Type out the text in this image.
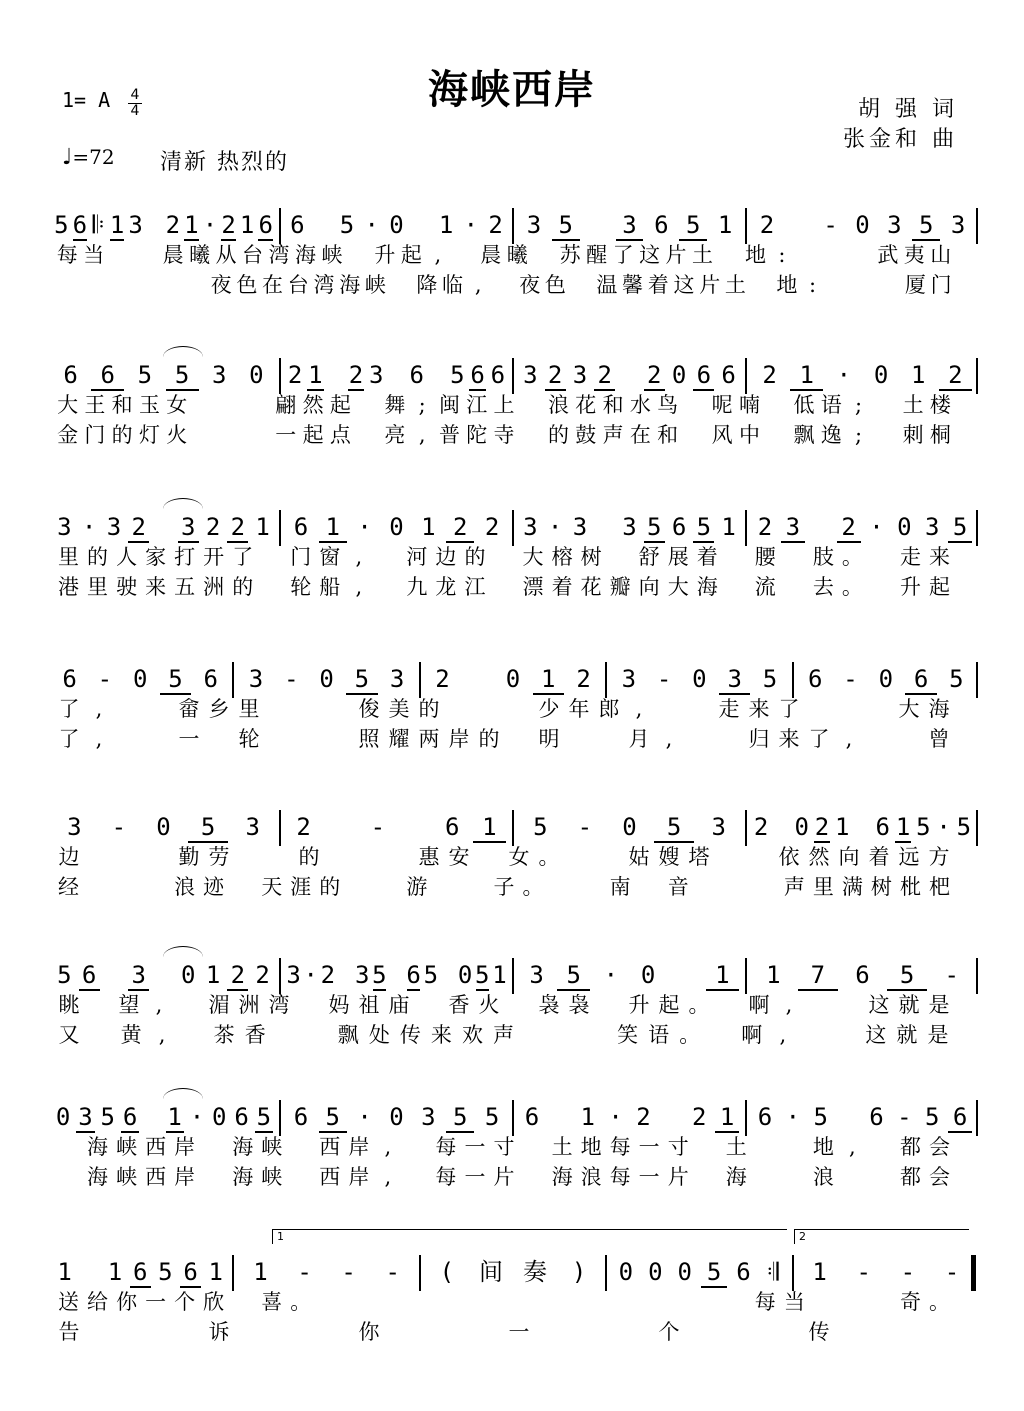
海峡西岸
1= A	4
4
♩=72 清新 热烈的
胡 强 词
张金和 曲
5 6 𝄆 1 3 2 1 · 2 1 6 6 5 · 0 1 · 2 3 5	3 6 5 1	2	- 0 3 5 3
每 当	晨 曦 从 台 湾 海 峡 升 起 ,	晨 曦 苏 醒 了 这 片 土 地 :	武 夷 山
夜 色 在 台 湾 海 峡 降 临 ,	夜 色 温 馨 着 这 片 土 地 :	厦 门
6 6 5 5 3 0	2 1 2 3 6 5 6 6 3 2 3 2 2 0 6 6	2 1 · 0 1 2
大 王 和 玉 女	翩 然 起 舞 ; 闽 江 上 浪 花 和 水 鸟 呢 喃 低 语 ;	土 楼
金 门 的 灯 火	一 起 点 亮 , 普 陀 寺 的 鼓 声 在 和 风 中 飘 逸 ;	刺 桐
3 · 3 2 3 2 2 1 6 1 · 0 1 2 2 3 · 3 3 5 6 5 1 2 3 2 · 0 3 5
里 的 人 家 打 开 了 门 窗 ,	河 边 的 大 榕 树 舒 展 着 腰 肢 。 走 来
港 里 驶 来 五 洲 的 轮 船 ,	九 龙 江 漂 着 花 瓣 向 大 海 流 去 。 升 起
6 - 0 5 6	3 - 0 5 3	2	0 1 2	3 - 0 3 5	6 - 0 6 5
了 ,	畲 乡 里	俊 美 的	少 年 郎 ,	走 来 了	大 海
了 ,	一 轮	照 耀 两 岸 的 明	月 ,	归 来 了 ,	曾
3	-	0	5	3	2	-	6 1	5	-	0	5	3	2 0 2 1 6 1 5 · 5
边	勤 劳	的	惠 安 女 。	姑 嫂 塔	依 然 向 着 远 方
经	浪 迹 天 涯 的	游	子 。	南 音	声 里 满 树 枇 杷
5 6 3 0 1 2 2 3 · 2 3 5 6 5 0 5 1 3 5 · 0	1	1	7	6	5	-
眺 望 ,	湄 洲 湾 妈 祖 庙 香 火 袅 袅 升 起 。 啊 ,	这 就 是
又 黄 ,	茶 香	飘 处 传 来 欢 声	笑 语 。 啊 ,	这 就 是
0 3 5 6 1 · 0 6 5 6 5 · 0 3 5 5	6 1 · 2 2 1 6 · 5 6 - 5 6
海 峡 西 岸 海 峡 西 岸 ,	每 一 寸 土 地 每 一 寸 土	地 ,	都 会
海 峡 西 岸 海 峡 西 岸 ,	每 一 片 海 浪 每 一 片 海	浪	都 会
1 1 6 5 6 1	1	-	-	-	(	间 奏	)	0 0 0 5 6 𝄇	1	-	-	-
送 给 你 一 个 欣 喜 。	每 当	奇 。
告	诉	你	一	个	传
1	2
